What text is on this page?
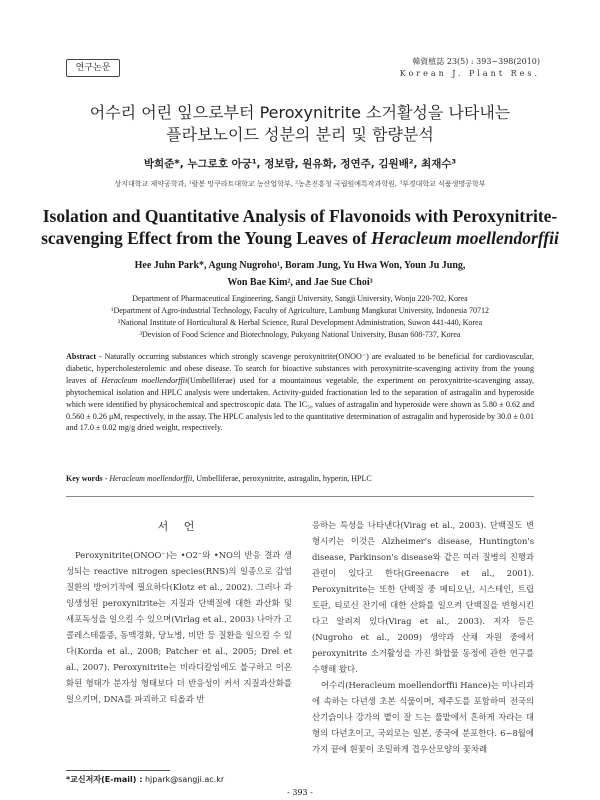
연구논문
韓資植誌 23(5) : 393~398(2010)
Korean J. Plant Res.
어수리 어린 잎으로부터 Peroxynitrite 소거활성을 나타내는
플라보노이드 성분의 분리 및 함량분석
박희준*, 누그로호 아궁¹, 정보람, 원유화, 정연주, 김원배², 최재수³
상지대학교 제약공학과, ¹람봉 망쿠라트대학교 농산업학부, ²농촌진흥청 국립원예특작과학원, ³부경대학교 식품생명공학부
Isolation and Quantitative Analysis of Flavonoids with Peroxynitrite-
scavenging Effect from the Young Leaves of Heracleum moellendorffii
Hee Juhn Park*, Agung Nugroho¹, Boram Jung, Yu Hwa Won, Youn Ju Jung,
Won Bae Kim², and Jae Sue Choi³
Department of Pharmaceutical Engineering, Sangji University, Sangji University, Wonju 220-702, Korea
¹Department of Agro-industrial Technology, Faculty of Agriculture, Lambung Mangkurat University, Indonesia 70712
²National Institute of Horticultural & Herbal Science, Rural Development Administration, Suwon 441-440, Korea
³Devision of Food Science and Biotechnology, Pukyong National University, Busan 608-737, Korea
Abstract - Naturally occurring substances which strongly scavenge peroxynitrite(ONOO⁻) are evaluated to be beneficial for cardiovascular, diabetic, hypercholesterolemic and obese disease. To search for bioactive substances with peroxynitrite-scavenging activity from the young leaves of Heracleum moellendorffii(Umbelliferae) used for a mountainous vegetable, the experiment on peroxynitrite-scavenging assay, phytochemical isolation and HPLC analysis were undertaken. Activity-guided fractionation led to the separation of astragalin and hyperoside which were identified by physicochemical and spectroscopic data. The IC₅₀ values of astragalin and hyperoside were shown as 5.80 ± 0.62 and 0.560 ± 0.26 μM, respectively, in the assay. The HPLC analysis led to the quantitative determination of astragalin and hyperoside by 30.0 ± 0.01 and 17.0 ± 0.02 mg/g dried weight, respectively.
Key words - Heracleum moellendorffii, Umbelliferae, peroxynitrite, astragalin, hyperin, HPLC
서 언
Peroxynitrite(ONOO⁻)는 •O2⁻와 •NO의 반응 결과 생성되는 reactive nitrogen species(RNS)의 일종으로 감염질환의 방어기작에 필요하다(Klotz et al., 2002). 그러나 과잉생성된 peroxynitrite는 지질과 단백질에 대한 과산화 및 세포독성을 일으킬 수 있으며(Virlag et al., 2003) 나아가 고콜레스테롤증, 동맥경화, 당뇨병, 비만 등 질환을 일으킬 수 있다(Korda et al., 2008; Patcher et al., 2005; Drel et al., 2007). Peroxynitrite는 비라디칼임에도 불구하고 이온화된 형태가 분자성 형태보다 더 반응성이 커서 지질과산화를 일으키며, DNA를 파괴하고 티올과 반

응하는 특성을 나타낸다(Virag et al., 2003). 단백질도 변형시키는 이것은 Alzheimer's disease, Huntington's disease, Parkinson's disease와 같은 여러 질병의 진행과 관련이 있다고 한다(Greenacre et al., 2001). Peroxynitrite는 또한 단백질 중 메티오닌, 시스테인, 트립토판, 티로신 잔기에 대한 산화를 일으켜 단백질을 변형시킨다고 알려져 있다(Virag et al., 2003). 저자 등은(Nugroho et al., 2009) 생약과 산채 자원 중에서 peroxynitrite 소거활성을 가진 화합물 동정에 관한 연구를 수행해 왔다.

어수리(Heracleum moellendorffii Hance)는 미나리과에 속하는 다년생 초본 식물이며, 제주도를 포함하여 전국의 산기슭이나 강가의 볕이 잘 드는 풀밭에서 흔하게 자라는 대형의 다년초이고, 국외로는 일본, 중국에 분포한다. 6~8월에 가지 끝에 흰꽃이 조밀하게 겹우산모양의 꽃차례

*교신저자(E-mail) : hjpark@sangji.ac.kr
- 393 -
